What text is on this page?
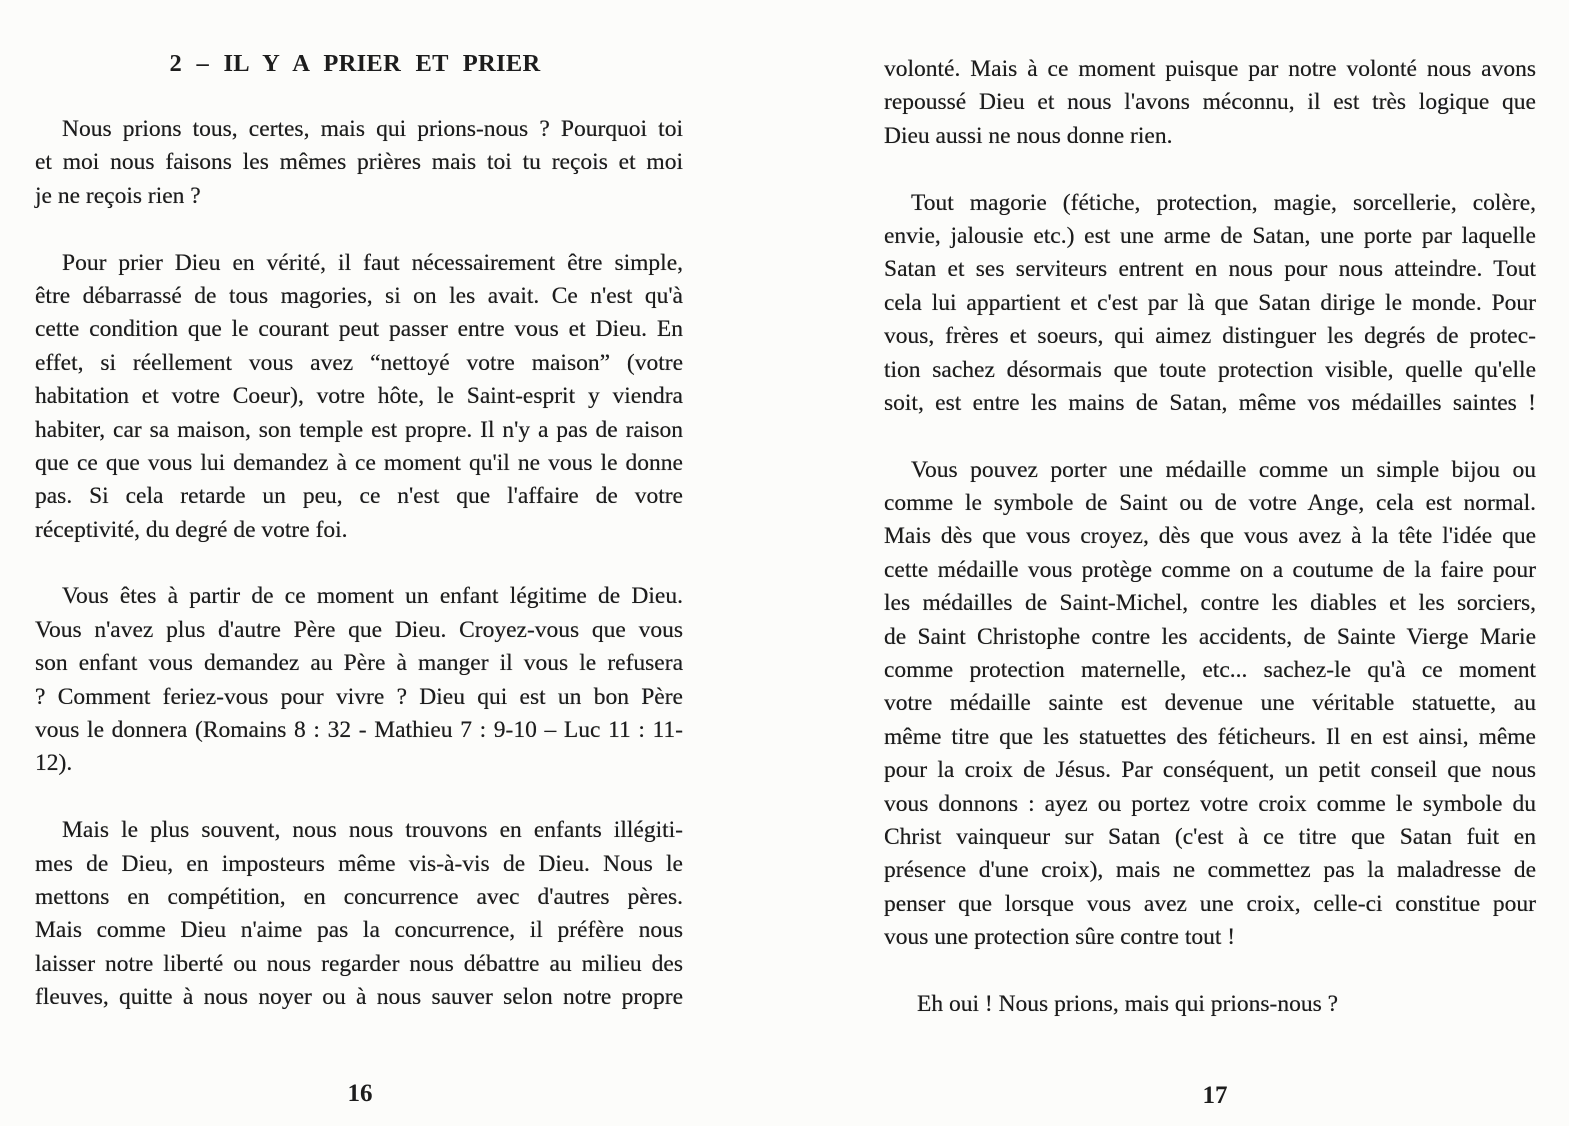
2 – IL Y A PRIER ET PRIER
Nous prions tous, certes, mais qui prions-nous ? Pourquoi toi
et moi nous faisons les mêmes prières mais toi tu reçois et moi
je ne reçois rien ?
Pour prier Dieu en vérité, il faut nécessairement être simple,
être débarrassé de tous magories, si on les avait. Ce n'est qu'à
cette condition que le courant peut passer entre vous et Dieu. En
effet, si réellement vous avez “nettoyé votre maison” (votre
habitation et votre Coeur), votre hôte, le Saint-esprit y viendra
habiter, car sa maison, son temple est propre. Il n'y a pas de raison
que ce que vous lui demandez à ce moment qu'il ne vous le donne
pas. Si cela retarde un peu, ce n'est que l'affaire de votre
réceptivité, du degré de votre foi.
Vous êtes à partir de ce moment un enfant légitime de Dieu.
Vous n'avez plus d'autre Père que Dieu. Croyez-vous que vous
son enfant vous demandez au Père à manger il vous le refusera
? Comment feriez-vous pour vivre ? Dieu qui est un bon Père
vous le donnera (Romains 8 : 32 - Mathieu 7 : 9-10 – Luc 11 : 11-
12).
Mais le plus souvent, nous nous trouvons en enfants illégiti-
mes de Dieu, en imposteurs même vis-à-vis de Dieu. Nous le
mettons en compétition, en concurrence avec d'autres pères.
Mais comme Dieu n'aime pas la concurrence, il préfère nous
laisser notre liberté ou nous regarder nous débattre au milieu des
fleuves, quitte à nous noyer ou à nous sauver selon notre propre
volonté. Mais à ce moment puisque par notre volonté nous avons
repoussé Dieu et nous l'avons méconnu, il est très logique que
Dieu aussi ne nous donne rien.
Tout magorie (fétiche, protection, magie, sorcellerie, colère,
envie, jalousie etc.) est une arme de Satan, une porte par laquelle
Satan et ses serviteurs entrent en nous pour nous atteindre. Tout
cela lui appartient et c'est par là que Satan dirige le monde. Pour
vous, frères et soeurs, qui aimez distinguer les degrés de protec-
tion sachez désormais que toute protection visible, quelle qu'elle
soit, est entre les mains de Satan, même vos médailles saintes !
Vous pouvez porter une médaille comme un simple bijou ou
comme le symbole de Saint ou de votre Ange, cela est normal.
Mais dès que vous croyez, dès que vous avez à la tête l'idée que
cette médaille vous protège comme on a coutume de la faire pour
les médailles de Saint-Michel, contre les diables et les sorciers,
de Saint Christophe contre les accidents, de Sainte Vierge Marie
comme protection maternelle, etc... sachez-le qu'à ce moment
votre médaille sainte est devenue une véritable statuette, au
même titre que les statuettes des féticheurs. Il en est ainsi, même
pour la croix de Jésus. Par conséquent, un petit conseil que nous
vous donnons : ayez ou portez votre croix comme le symbole du
Christ vainqueur sur Satan (c'est à ce titre que Satan fuit en
présence d'une croix), mais ne commettez pas la maladresse de
penser que lorsque vous avez une croix, celle-ci constitue pour
vous une protection sûre contre tout !
Eh oui ! Nous prions, mais qui prions-nous ?
16	17
